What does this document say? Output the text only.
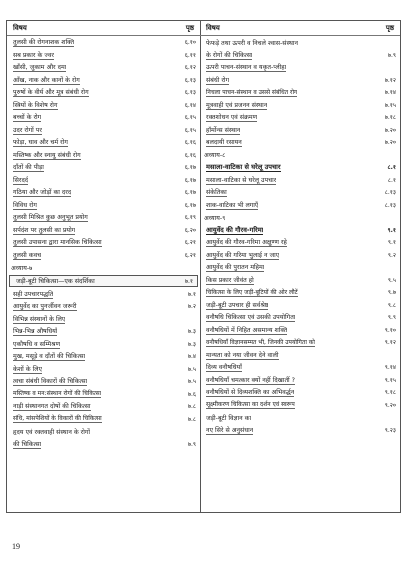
विषय	पृष्ठ
तुलसी की रोगनाशक शक्ति	६.१०
सब प्रकार के ज्वर	६.११
खाँसी, जुकाम और दमा	६.१२
आँख, नाक और कानों के रोग	६.१३
पुरुषों के वीर्य और मूत्र संबंधी रोग	६.१३
स्त्रियों के विशेष रोग	६.१४
बच्चों के रोग	६.१५
उदर रोगों पर	६.१५
फोड़ा, घाव और चर्म रोग	६.१६
मस्तिष्क और स्नायु संबंधी रोग	६.१६
दाँतों की पीड़ा	६.१७
सिरदर्द	६.१७
गठिया और जोड़ों का दरद	६.१७
विविध रोग	६.१७
तुलसी मिश्रित कुछ अनुभूत प्रयोग	६.१९
सर्पदंश पर तुलसी का प्रयोग	६.२०
तुलसी उपासना द्वारा मानसिक चिकित्सा	६.२१
तुलसी कवच	६.२१
अध्याय-७
जड़ी-बूटी चिकित्सा—एक संदर्शिका	७.१
सही उपचारपद्धति	७.१
आयुर्वेद का पुनर्जीवन जरूरी	७.२
विभिन्न संस्थानों के लिए
भिन्न-भिन्न औषधियाँ	७.३
एकौषधि व सम्मिश्रण	७.३
मुख, मसूड़े व दाँतों की चिकित्सा	७.४
केशों के लिए	७.५
त्वचा संबंधी विकारों की चिकित्सा	७.५
मस्तिष्क व मन:संस्थान रोगों की चिकित्सा	७.६
नाड़ी संस्थानगत दोषों की चिकित्सा	७.८
संधि, मांसपेशियों के विकारों की चिकित्सा	७.८
हृदय एवं रक्तवाही संस्थान के रोगों
की चिकित्सा	७.९
विषय	पृष्ठ
फेफड़े तथा ऊपरी व निचले श्वास-संस्थान
के रोगों की चिकित्सा	७.९
ऊपरी पाचन-संस्थान व यकृत-प्लीहा
संबंधी रोग	७.१२
निचला पाचन-संस्थान व उससे संबंधित रोग	७.१४
मूत्रवाही एवं प्रजनन संस्थान	७.१५
रक्तशोधन एवं संक्रमण	७.१८
हॉर्मोन्स संस्थान	७.२०
बलदायी रसायन	७.२०
अध्याय-८
मसाला-वाटिका से घरेलू उपचार	८.१
मसाला-वाटिका से घरेलू उपचार	८.१
संकेतिका	८.१३
शाक-वाटिका भी लगाएँ	८.१३
अध्याय-९
आयुर्वेद की गौरव-गरिमा	९.१
आयुर्वेद की गौरव-गरिमा अक्षुण्ण रहे	९.१
आयुर्वेद की गरिमा भुलाई न जाए	९.२
आयुर्वेद की पुरातन महिमा
किस प्रकार जीवंत हो	९.५
चिकित्सा के लिए जड़ी-बूटियों की ओर लौटें	९.७
जड़ी-बूटी उपचार ही सर्वश्रेष्ठ	९.८
वनौषधि चिकित्सा एवं उसकी उपयोगिता	९.९
वनौषधियों में निहित असमान्य शक्ति	९.१०
वनौषधियाँ विज्ञानसम्मत भी, जिनकी उपयोगिता को	९.१२
मान्यता को नया जीवन देने वाली
दिव्य वनौषधियाँ	९.१४
वनौषधियाँ चमत्कार क्यों नहीं दिखातीं ?	९.१५
वनौषधियों से दिव्यशक्ति का अभिवर्द्धन	९.१८
सूक्ष्मीकरण चिकित्सा का दर्शन एवं स्वरूप	९.२०
जड़ी-बूटी विज्ञान का
नए सिरे से अनुसंधान	९.२३
19
